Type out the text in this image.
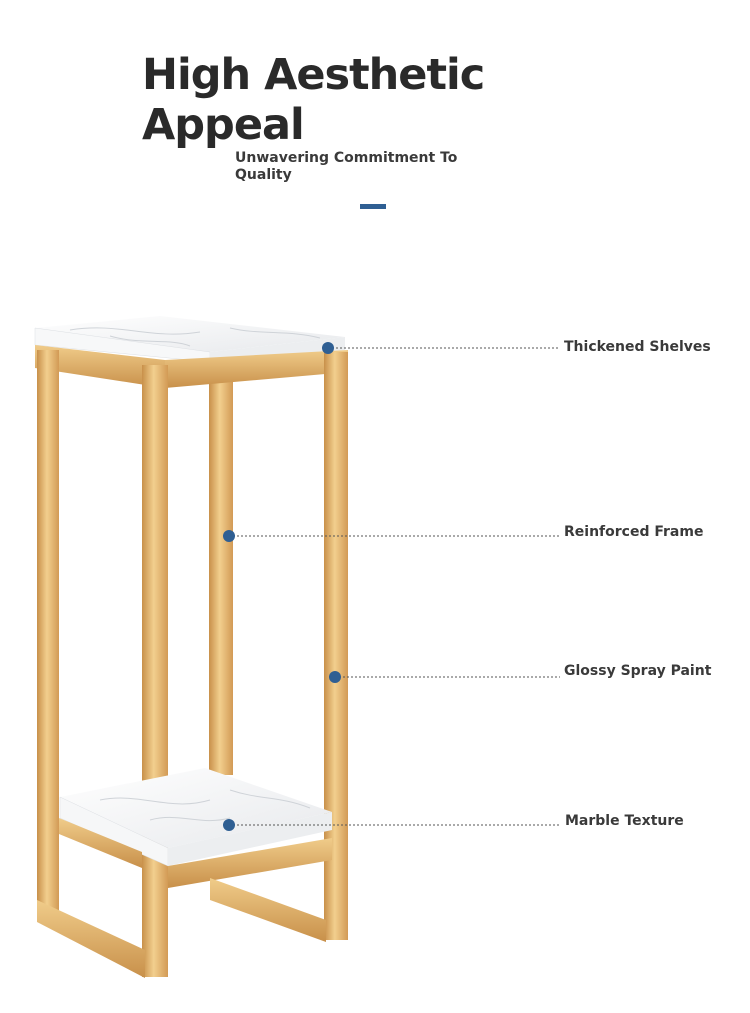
High Aesthetic
Appeal

Unwavering Commitment To Quality

Thickened Shelves
Reinforced Frame
Glossy Spray Paint
Marble Texture
